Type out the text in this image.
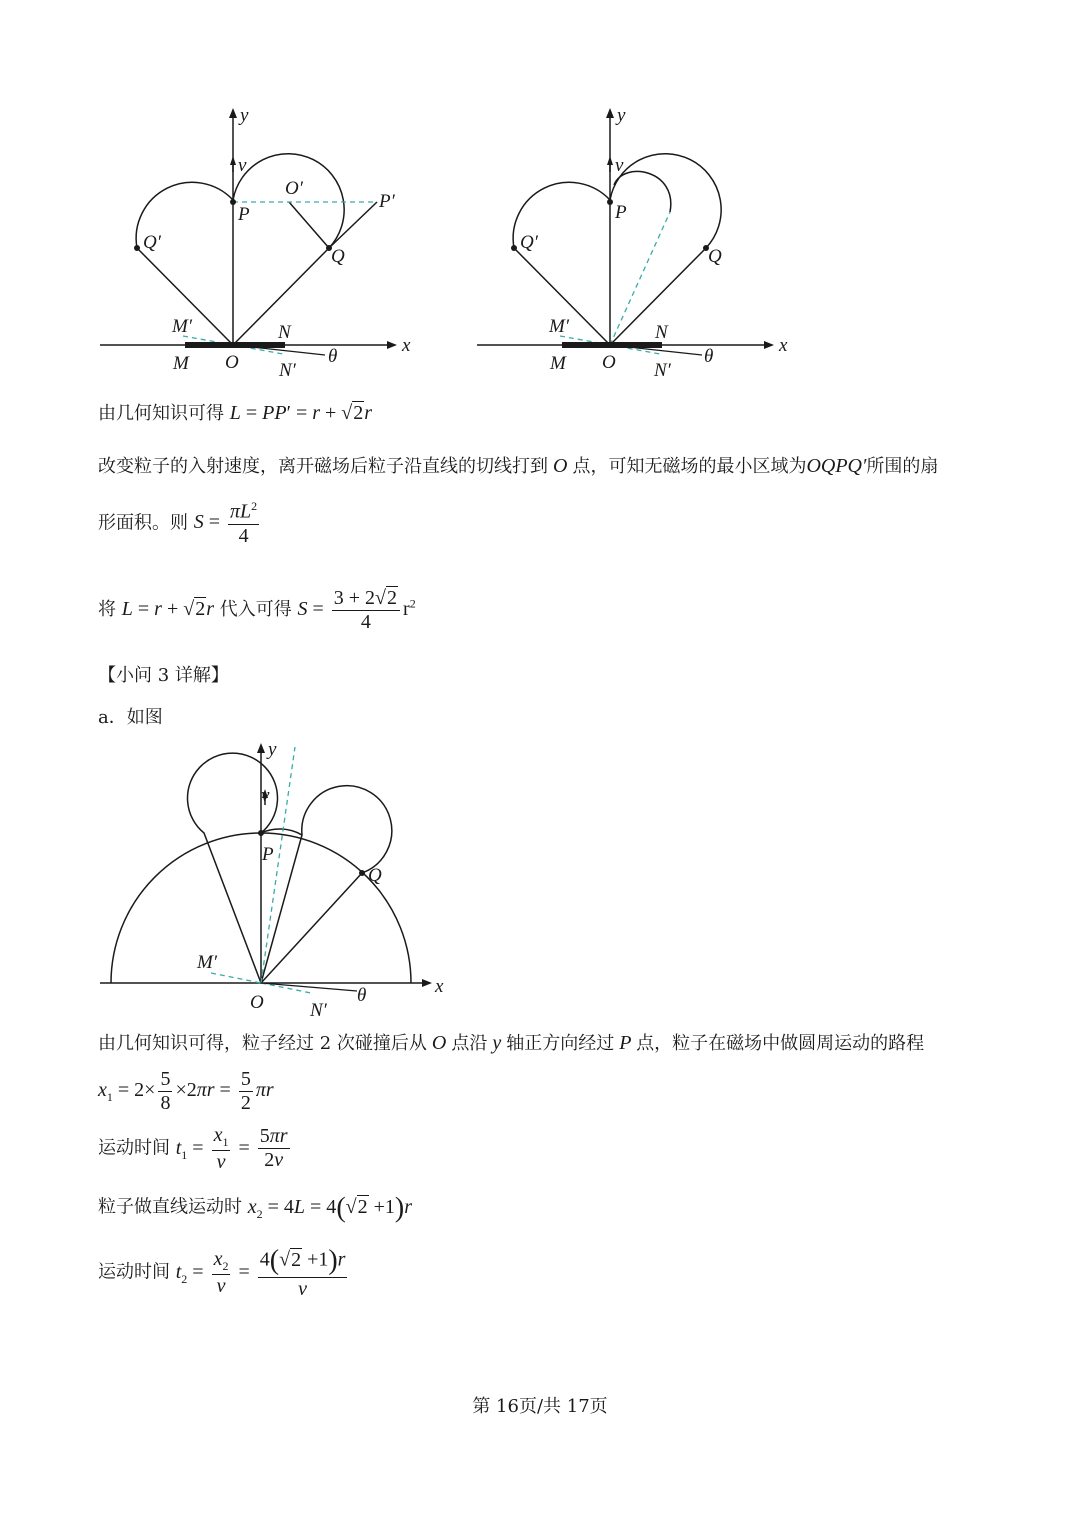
y
v
P
O′
P′
Q
Q′
M′	N
M O N′
θ
x
y
v
P
Q
Q′
M′	N
M O N′
θ
x
由几何知识可得 L = PP′ = r + √2r
改变粒子的入射速度，离开磁场后粒子沿直线的切线打到 O 点，可知无磁场的最小区域为OQPQ′所围的扇
形面积。则 $S = \frac{\pi L^2}{4}$
将 L = r + √2r 代入可得 $S = \frac{3 + 2√2}{4} r^2$
【小问 3 详解】
a．如图
y
v
P
Q
M′
O N′
θ	x
由几何知识可得，粒子经过 2 次碰撞后从 O 点沿 y 轴正方向经过 P 点，粒子在磁场中做圆周运动的路程
$x_1 = 2\times \frac{5}{8} \times 2\pi r = \frac{5}{2}$ πr
运动时间 $t_1 = \frac{x_1}{v} = \frac{5\pi r}{2v}$
粒子做直线运动时 $x_2 = 4L = 4(√2 +1)r$
运动时间 $t_2 = \frac{x_2}{v} = \frac{4(√2 +1)r}{v}$
第 16页/共 17页
